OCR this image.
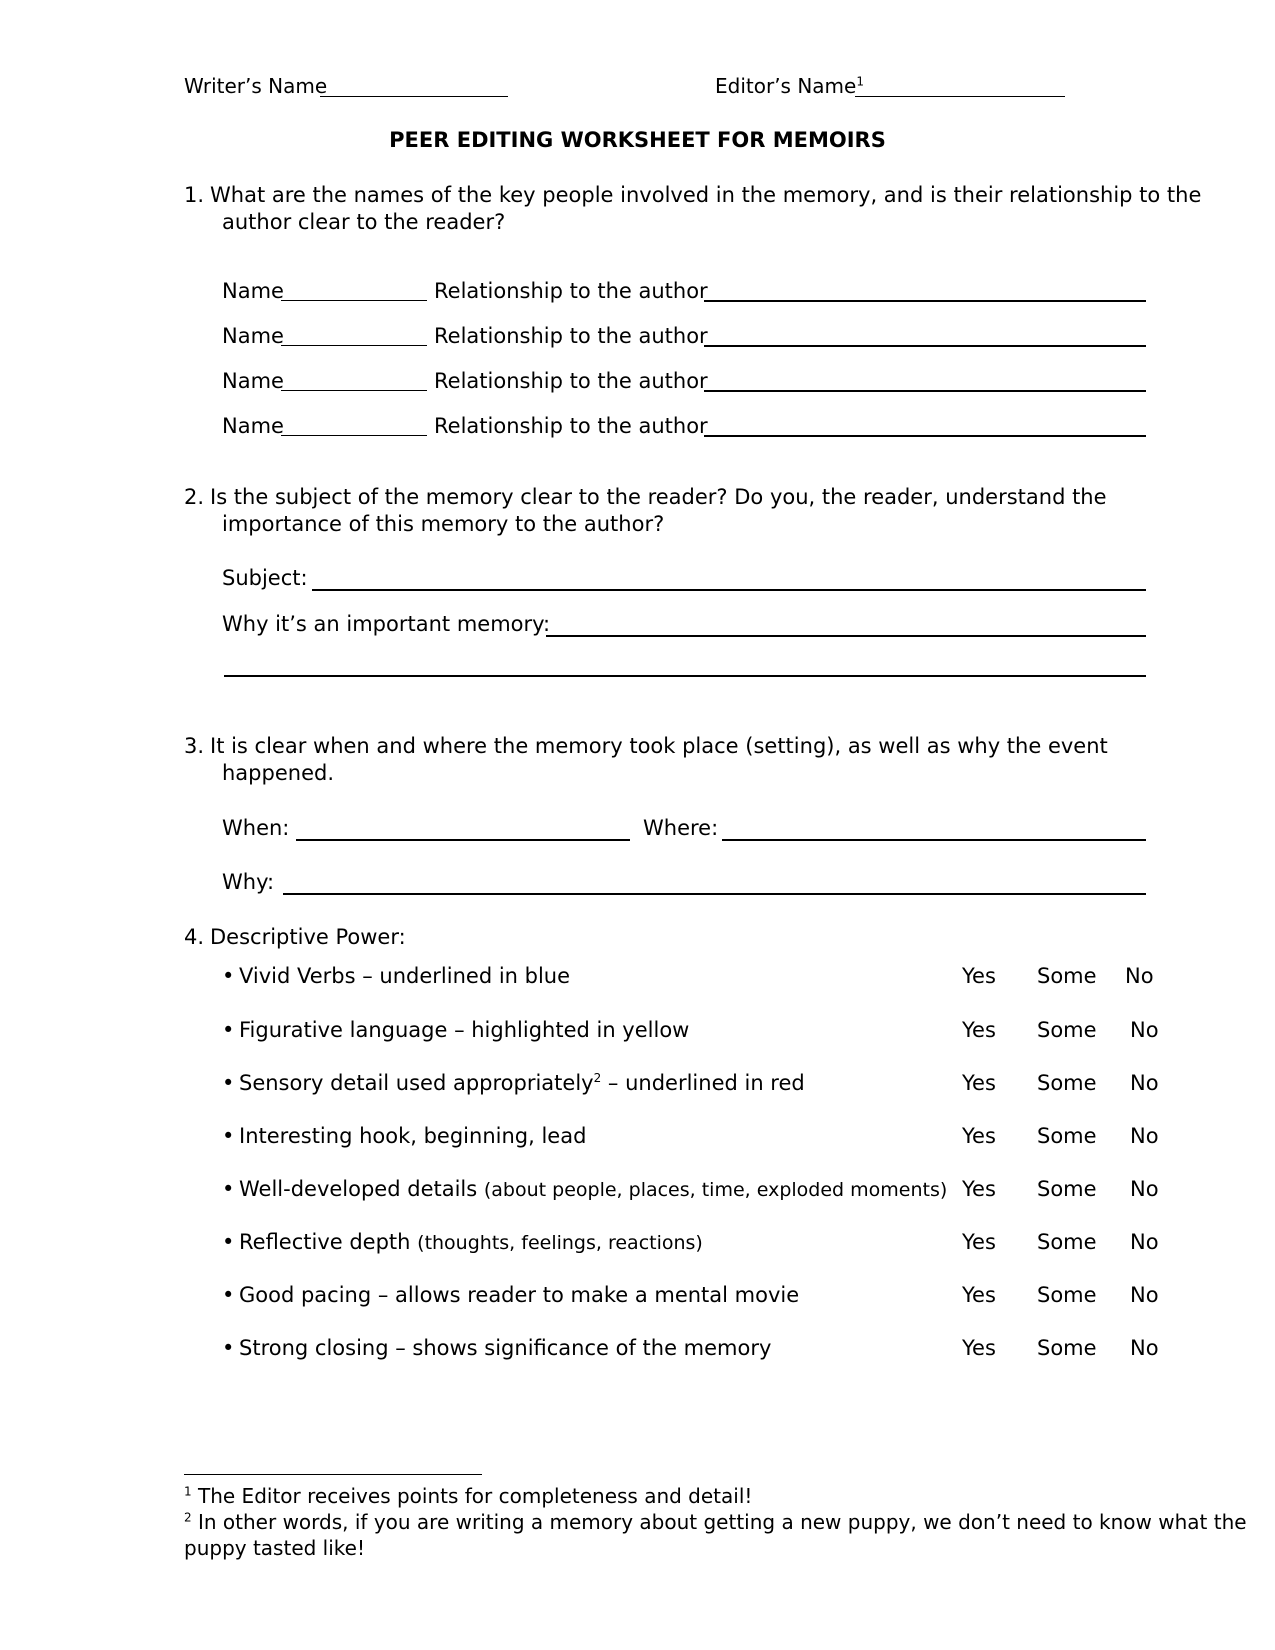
Writer’s Name	Editor’s Name$^1$
PEER EDITING WORKSHEET FOR MEMOIRS
1. What are the names of the key people involved in the memory, and is their relationship to the
author clear to the reader?
Name	Relationship to the author
Name	Relationship to the author
Name	Relationship to the author
Name	Relationship to the author
2. Is the subject of the memory clear to the reader? Do you, the reader, understand the
importance of this memory to the author?
Subject:
Why it’s an important memory:
3. It is clear when and where the memory took place (setting), as well as why the event
happened.
When:	Where:
Why:
4. Descriptive Power:
• Vivid Verbs – underlined in blue	Yes Some No
• Figurative language – highlighted in yellow	Yes Some No
• Sensory detail used appropriately$^2$ – underlined in red	Yes Some No
• Interesting hook, beginning, lead	Yes Some No
• Well-developed details (about people, places, time, exploded moments) Yes Some No
• Reflective depth (thoughts, feelings, reactions)	Yes Some No
• Good pacing – allows reader to make a mental movie	Yes Some No
• Strong closing – shows significance of the memory	Yes Some No
$^1$ The Editor receives points for completeness and detail!
$^2$ In other words, if you are writing a memory about getting a new puppy, we don’t need to know what the
puppy tasted like!
